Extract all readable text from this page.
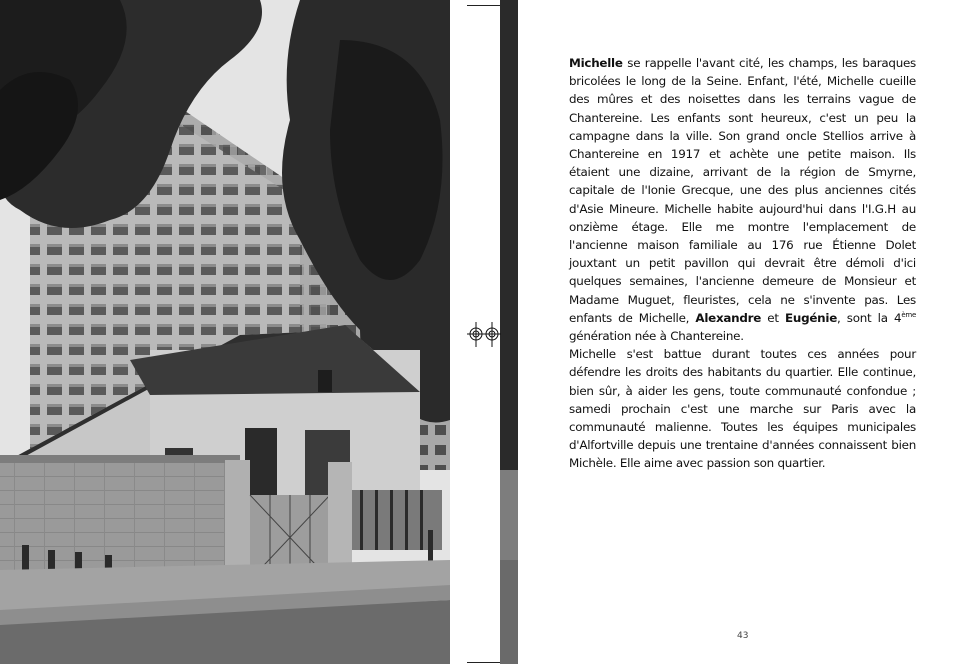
Michelle se rappelle l'avant cité, les champs, les baraques bricolées le long de la Seine. Enfant, l'été, Michelle cueille des mûres et des noisettes dans les terrains vague de Chantereine. Les enfants sont heureux, c'est un peu la campagne dans la ville. Son grand oncle Stellios arrive à Chantereine en 1917 et achète une petite maison. Ils étaient une dizaine, arrivant de la région de Smyrne, capitale de l'Ionie Grecque, une des plus anciennes cités d'Asie Mineure. Michelle habite aujourd'hui dans l'I.G.H au onzième étage. Elle me montre l'emplacement de l'ancienne maison familiale au 176 rue Étienne Dolet jouxtant un petit pavillon qui devrait être démoli d'ici quelques semaines, l'ancienne demeure de Monsieur et Madame Muguet, fleuristes, cela ne s'invente pas. Les enfants de Michelle, Alexandre et Eugénie, sont la 4ème génération née à Chantereine.

Michelle s'est battue durant toutes ces années pour défendre les droits des habitants du quartier. Elle continue, bien sûr, à aider les gens, toute communauté confondue ; samedi prochain c'est une marche sur Paris avec la communauté malienne. Toutes les équipes municipales d'Alfortville depuis une trentaine d'années connaissent bien Michèle. Elle aime avec passion son quartier.

43
